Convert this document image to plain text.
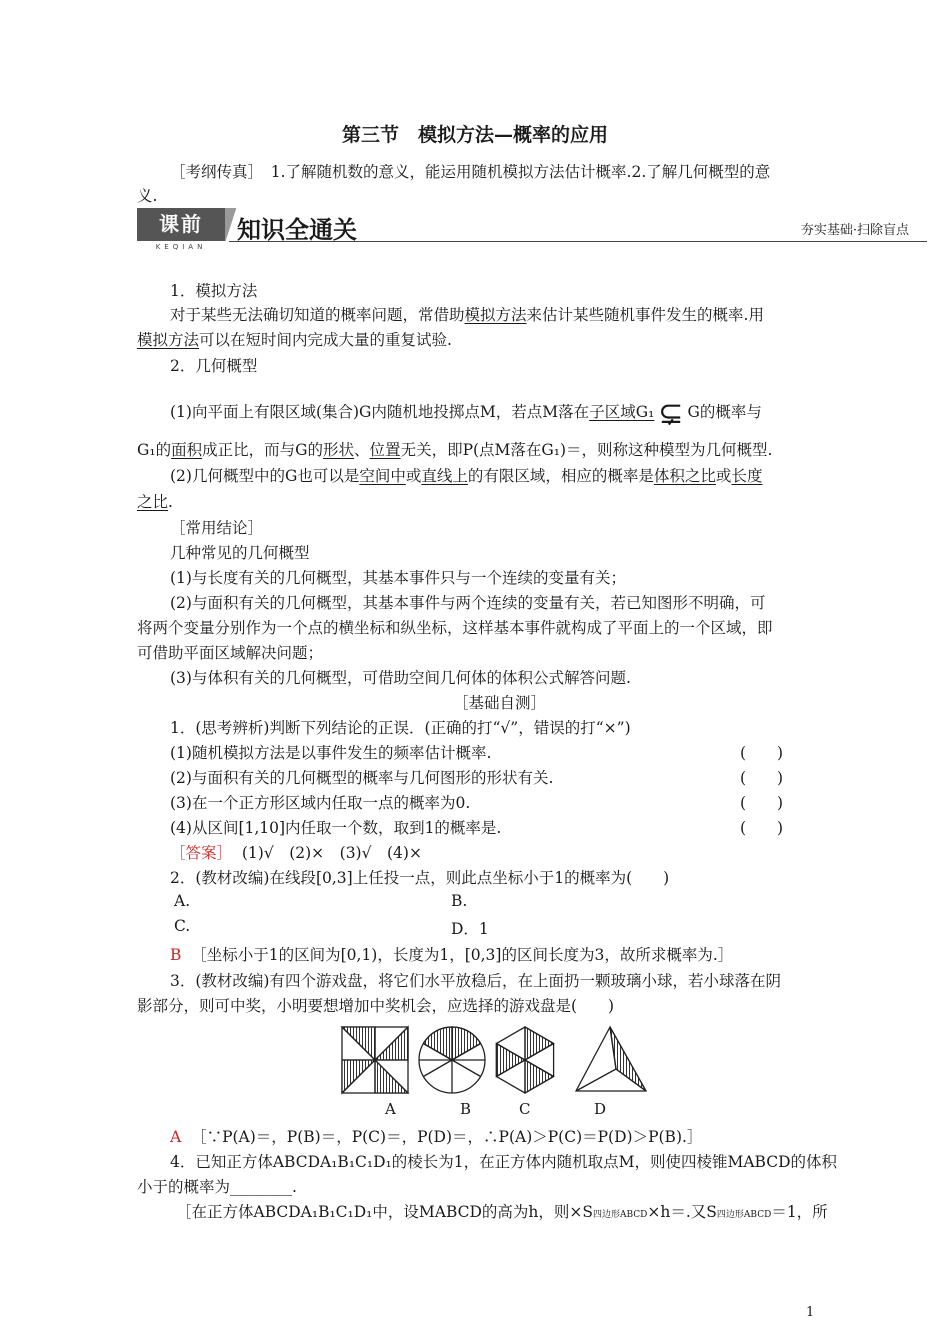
第三节　模拟方法—概率的应用
［考纲传真］　1.了解随机数的意义，能运用随机模拟方法估计概率.2.了解几何概型的意
义.
课前
KEQIAN
知识全通关	夯实基础·扫除盲点
1．模拟方法
对于某些无法确切知道的概率问题，常借助模拟方法来估计某些随机事件发生的概率.用
模拟方法可以在短时间内完成大量的重复试验.
2．几何概型
(1)向平面上有限区域(集合)G内随机地投掷点M，若点M落在子区域G₁ ⊊ G的概率与
G₁的面积成正比，而与G的形状、位置无关，即P(点M落在G₁)＝，则称这种模型为几何概型.
(2)几何概型中的G也可以是空间中或直线上的有限区域，相应的概率是体积之比或长度
之比.
［常用结论］
几种常见的几何概型
(1)与长度有关的几何概型，其基本事件只与一个连续的变量有关；
(2)与面积有关的几何概型，其基本事件与两个连续的变量有关，若已知图形不明确，可
将两个变量分别作为一个点的横坐标和纵坐标，这样基本事件就构成了平面上的一个区域，即
可借助平面区域解决问题；
(3)与体积有关的几何概型，可借助空间几何体的体积公式解答问题.
［基础自测］
1．(思考辨析)判断下列结论的正误．(正确的打“√”，错误的打“×”)
(1)随机模拟方法是以事件发生的频率估计概率.	(　　)
(2)与面积有关的几何概型的概率与几何图形的形状有关.	(　　)
(3)在一个正方形区域内任取一点的概率为0.	(　　)
(4)从区间[1,10]内任取一个数，取到1的概率是.	(　　)
［答案］ (1)√　(2)×　(3)√　(4)×
2．(教材改编)在线段[0,3]上任投一点，则此点坐标小于1的概率为(　　)
A.	B.
C.	D．1
B ［坐标小于1的区间为[0,1)，长度为1，[0,3]的区间长度为3，故所求概率为.］
3．(教材改编)有四个游戏盘，将它们水平放稳后，在上面扔一颗玻璃小球，若小球落在阴
影部分，则可中奖，小明要想增加中奖机会，应选择的游戏盘是(　　)
A	B	C	D
A ［∵P(A)＝，P(B)＝，P(C)＝，P(D)＝，∴P(A)＞P(C)＝P(D)＞P(B).］
4．已知正方体ABCDA₁B₁C₁D₁的棱长为1，在正方体内随机取点M，则使四棱锥MABCD的体积
小于的概率为________.
［在正方体ABCDA₁B₁C₁D₁中，设MABCD的高为h，则×S四边形ABCD×h＝.又S四边形ABCD＝1，所
1
